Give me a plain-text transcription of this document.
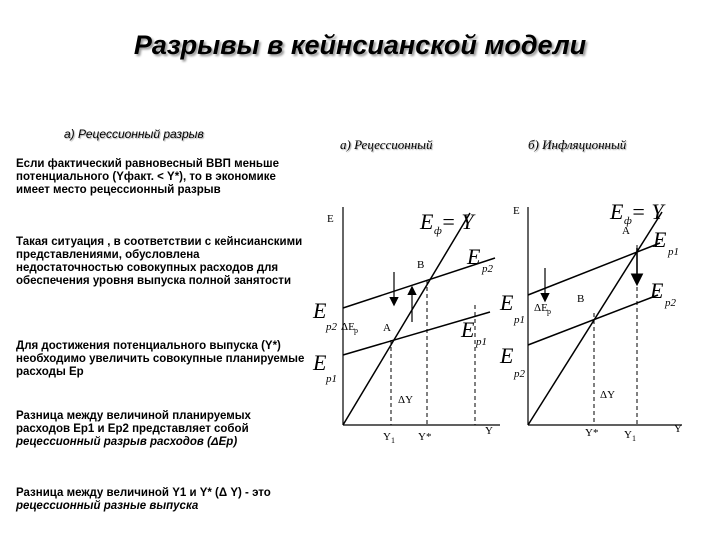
Разрывы в кейнсианской модели
а) Рецессионный разрыв
Если фактический равновесный ВВП меньше потенциального (Yфакт. < Y*), то в экономике имеет место рецессионный разрыв
Такая ситуация , в соответствии с кейнсианскими представлениями, обусловлена недостаточностью совокупных расходов для обеспечения уровня выпуска полной занятости
Для достижения потенциального выпуска (Y*) необходимо увеличить совокупные планируемые расходы Ep
Разница между величиной планируемых расходов Ep1 и Ep2 представляет собой рецессионный разрыв расходов (ΔEp)
Разница между величиной Y1 и Y* (Δ Y) - это рецессионный разные выпуска
а) Рецессионный	б) Инфляционный
E	E ф = Y
E p2
E p1
E
p2
E
p1
ΔE p
B
A
ΔY
Y 1 Y*	Y
E	E ф = Y
E p1
E p2
E
p1
E
p2
ΔE p
A
B
ΔY
Y* Y 1
Y
